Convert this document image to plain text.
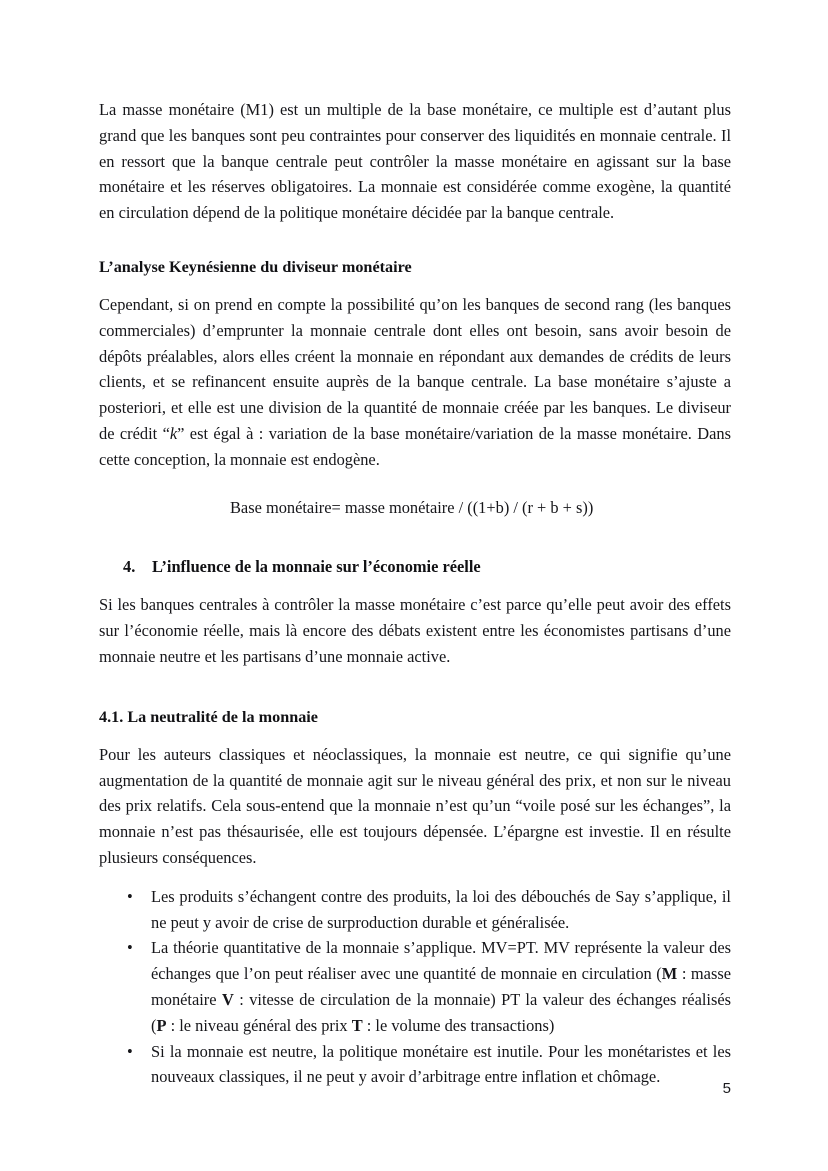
La masse monétaire (M1) est un multiple de la base monétaire, ce multiple est d’autant plus grand que les banques sont peu contraintes pour conserver des liquidités en monnaie centrale. Il en ressort que la banque centrale peut contrôler la masse monétaire en agissant sur la base monétaire et les réserves obligatoires. La monnaie est considérée comme exogène, la quantité en circulation dépend de la politique monétaire décidée par la banque centrale.

L’analyse Keynésienne du diviseur monétaire

Cependant, si on prend en compte la possibilité qu’on les banques de second rang (les banques commerciales) d’emprunter la monnaie centrale dont elles ont besoin, sans avoir besoin de dépôts préalables, alors elles créent la monnaie en répondant aux demandes de crédits de leurs clients, et se refinancent ensuite auprès de la banque centrale. La base monétaire s’ajuste a posteriori, et elle est une division de la quantité de monnaie créée par les banques. Le diviseur de crédit “k” est égal à : variation de la base monétaire/variation de la masse monétaire. Dans cette conception, la monnaie est endogène.

Base monétaire= masse monétaire / ((1+b) / (r + b + s))

4.	L’influence de la monnaie sur l’économie réelle

Si les banques centrales à contrôler la masse monétaire c’est parce qu’elle peut avoir des effets sur l’économie réelle, mais là encore des débats existent entre les économistes partisans d’une monnaie neutre et les partisans d’une monnaie active.

4.1. La neutralité de la monnaie

Pour les auteurs classiques et néoclassiques, la monnaie est neutre, ce qui signifie qu’une augmentation de la quantité de monnaie agit sur le niveau général des prix, et non sur le niveau des prix relatifs. Cela sous-entend que la monnaie n’est qu’un “voile posé sur les échanges”, la monnaie n’est pas thésaurisée, elle est toujours dépensée. L’épargne est investie. Il en résulte plusieurs conséquences.

• Les produits s’échangent contre des produits, la loi des débouchés de Say s’applique, il ne peut y avoir de crise de surproduction durable et généralisée.
• La théorie quantitative de la monnaie s’applique. MV=PT. MV représente la valeur des échanges que l’on peut réaliser avec une quantité de monnaie en circulation (M : masse monétaire V : vitesse de circulation de la monnaie) PT la valeur des échanges réalisés (P : le niveau général des prix T : le volume des transactions)
• Si la monnaie est neutre, la politique monétaire est inutile. Pour les monétaristes et les nouveaux classiques, il ne peut y avoir d’arbitrage entre inflation et chômage.
5
